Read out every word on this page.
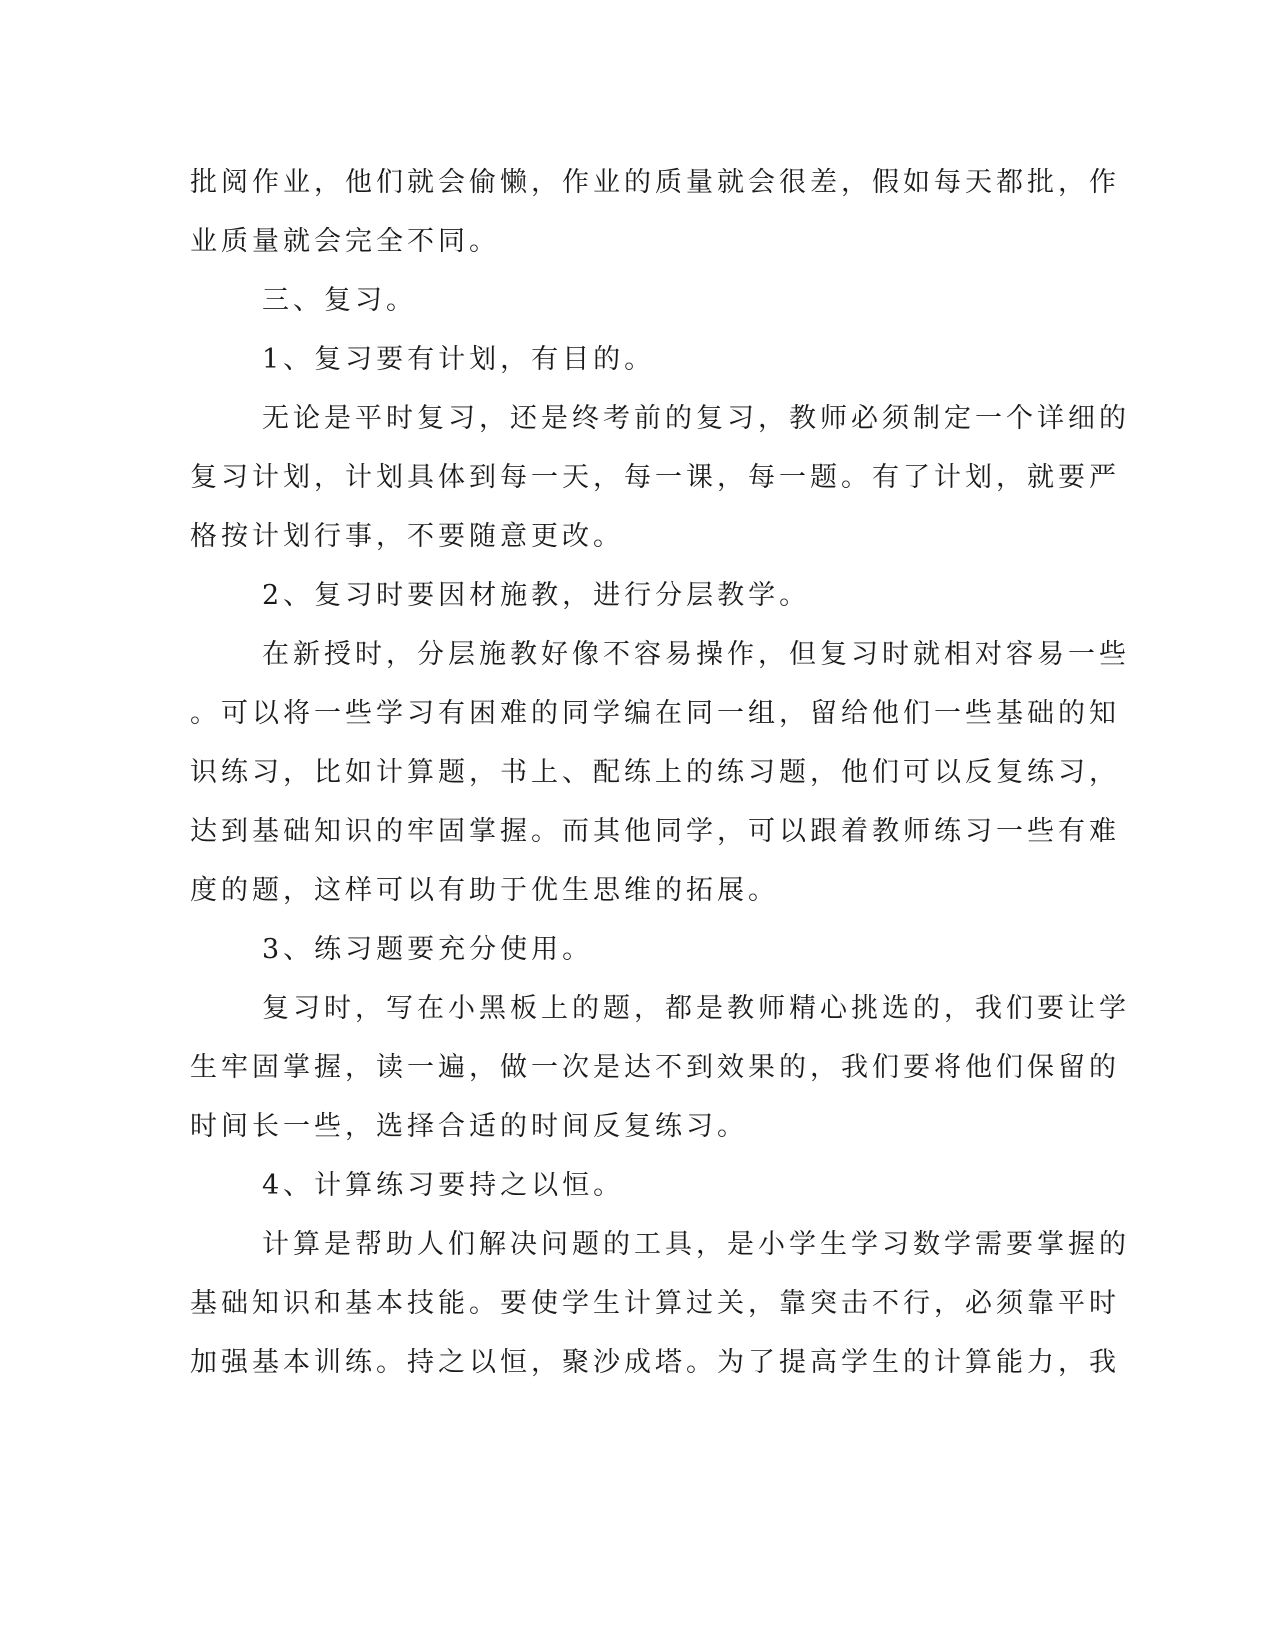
批阅作业，他们就会偷懒，作业的质量就会很差，假如每天都批，作
业质量就会完全不同。
三、复习。
1、复习要有计划，有目的。
无论是平时复习，还是终考前的复习，教师必须制定一个详细的
复习计划，计划具体到每一天，每一课，每一题。有了计划，就要严
格按计划行事，不要随意更改。
2、复习时要因材施教，进行分层教学。
在新授时，分层施教好像不容易操作，但复习时就相对容易一些
。可以将一些学习有困难的同学编在同一组，留给他们一些基础的知
识练习，比如计算题，书上、配练上的练习题，他们可以反复练习，
达到基础知识的牢固掌握。而其他同学，可以跟着教师练习一些有难
度的题，这样可以有助于优生思维的拓展。
3、练习题要充分使用。
复习时，写在小黑板上的题，都是教师精心挑选的，我们要让学
生牢固掌握，读一遍，做一次是达不到效果的，我们要将他们保留的
时间长一些，选择合适的时间反复练习。
4、计算练习要持之以恒。
计算是帮助人们解决问题的工具，是小学生学习数学需要掌握的
基础知识和基本技能。要使学生计算过关，靠突击不行，必须靠平时
加强基本训练。持之以恒，聚沙成塔。为了提高学生的计算能力，我
